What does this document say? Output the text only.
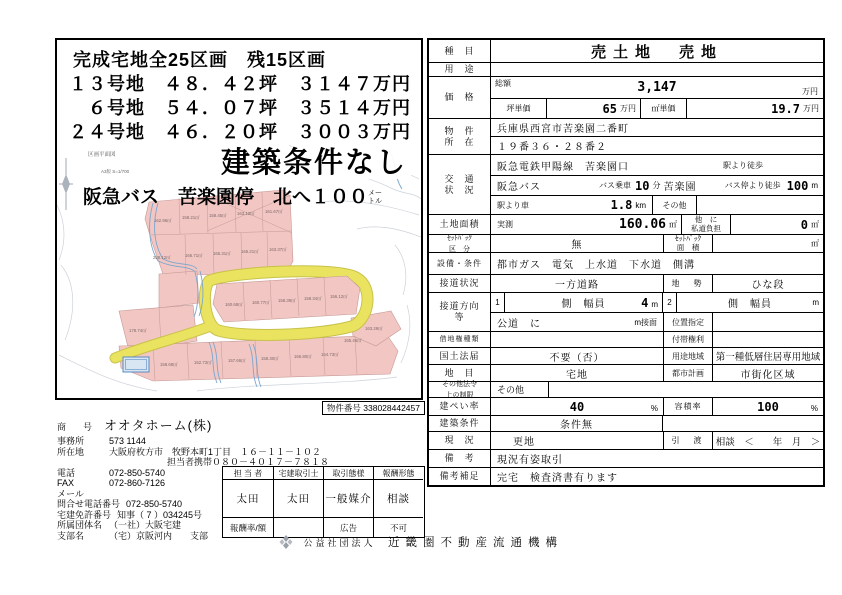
完成宅地全25区画　残15区画
１３号地　４８．４２坪　３１４７万円
６号地　５４．０７坪　３５１４万円
２４号地　４６．２０坪　３００３万円
建築条件なし
阪急バス　苦楽園停　北へ１００ メー
トル
162.96㎡
158.21㎡ 158.45㎡ 163.12㎡ 161.67㎡
228.12㎡	166.71㎡ 165.31㎡ 165.21㎡ 163.37㎡
160.68㎡ 160.77㎡ 158.39㎡ 158.34㎡ 156.12㎡
178.74㎡
158.68㎡	152.73㎡	157.66㎡	158.30㎡	166.80㎡ 164.73㎡
165.46㎡
163.29㎡
区画平面図
A3版 S=1/700
物件番号 338028442457
商　号 オオタホーム(株)
事務所	573 1144
所在地	大阪府枚方市　牧野本町1丁目　１６－１１－１０２
担当者携帯０８０－４０１７－７８１８
電話	072-850-5740
FAX	072-860-7126
メール
問合せ電話番号 072-850-5740
宅建免許番号 知事（ 7 ）034245号
所属団体名 （一社）大阪宅建
支部名	（宅）京阪河内　　支部
担 当 者	宅建取引士	取引態様	報酬形態
太田	太田	一般媒介	相談
報酬率/額	広告	不可
種　目	売土地　売地
用　途
価　格
総額	3,147	万円
坪単価	65 万円	㎡単価	19.7 万円
物　件
所　在
兵庫県西宮市苦楽園二番町
１９番３６・２８番２
交　通
状　況
阪急電鉄甲陽線　苦楽園口	駅より徒歩
阪急バス	バス乗車 10 分 苦楽園	バス停より徒歩 100 m
駅より車	1.8 km	その他
土地面積	実測	160.06 ㎡
他　に
私道負担	0 ㎡
ｾｯﾄﾊﾞｯｸ
区　分	無
ｾｯﾄﾊﾞｯｸ
面　積	㎡
設備・条件	都市ガス　電気　上水道　下水道　側溝
接道状況	一方道路	地　勢	ひな段
接道方向
等
1	側　幅員	4 m	2	側　幅員	m
公道　に	m接面	位置指定
借地権種類	付帯権利
国土法届	不要（否）	用途地域	第一種低層住居専用地域
地　目	宅地	都市計画	市街化区域
その他法令
上の制限	その他
建ぺい率	40	%	容積率	100	%
建築条件	条件無
現　況	更地	引　渡	相談　＜　　年　月　＞
備　考	現況有姿取引
備考補足	完宅　検査済書有ります
公益社団法人 近畿圏不動産流通機構
